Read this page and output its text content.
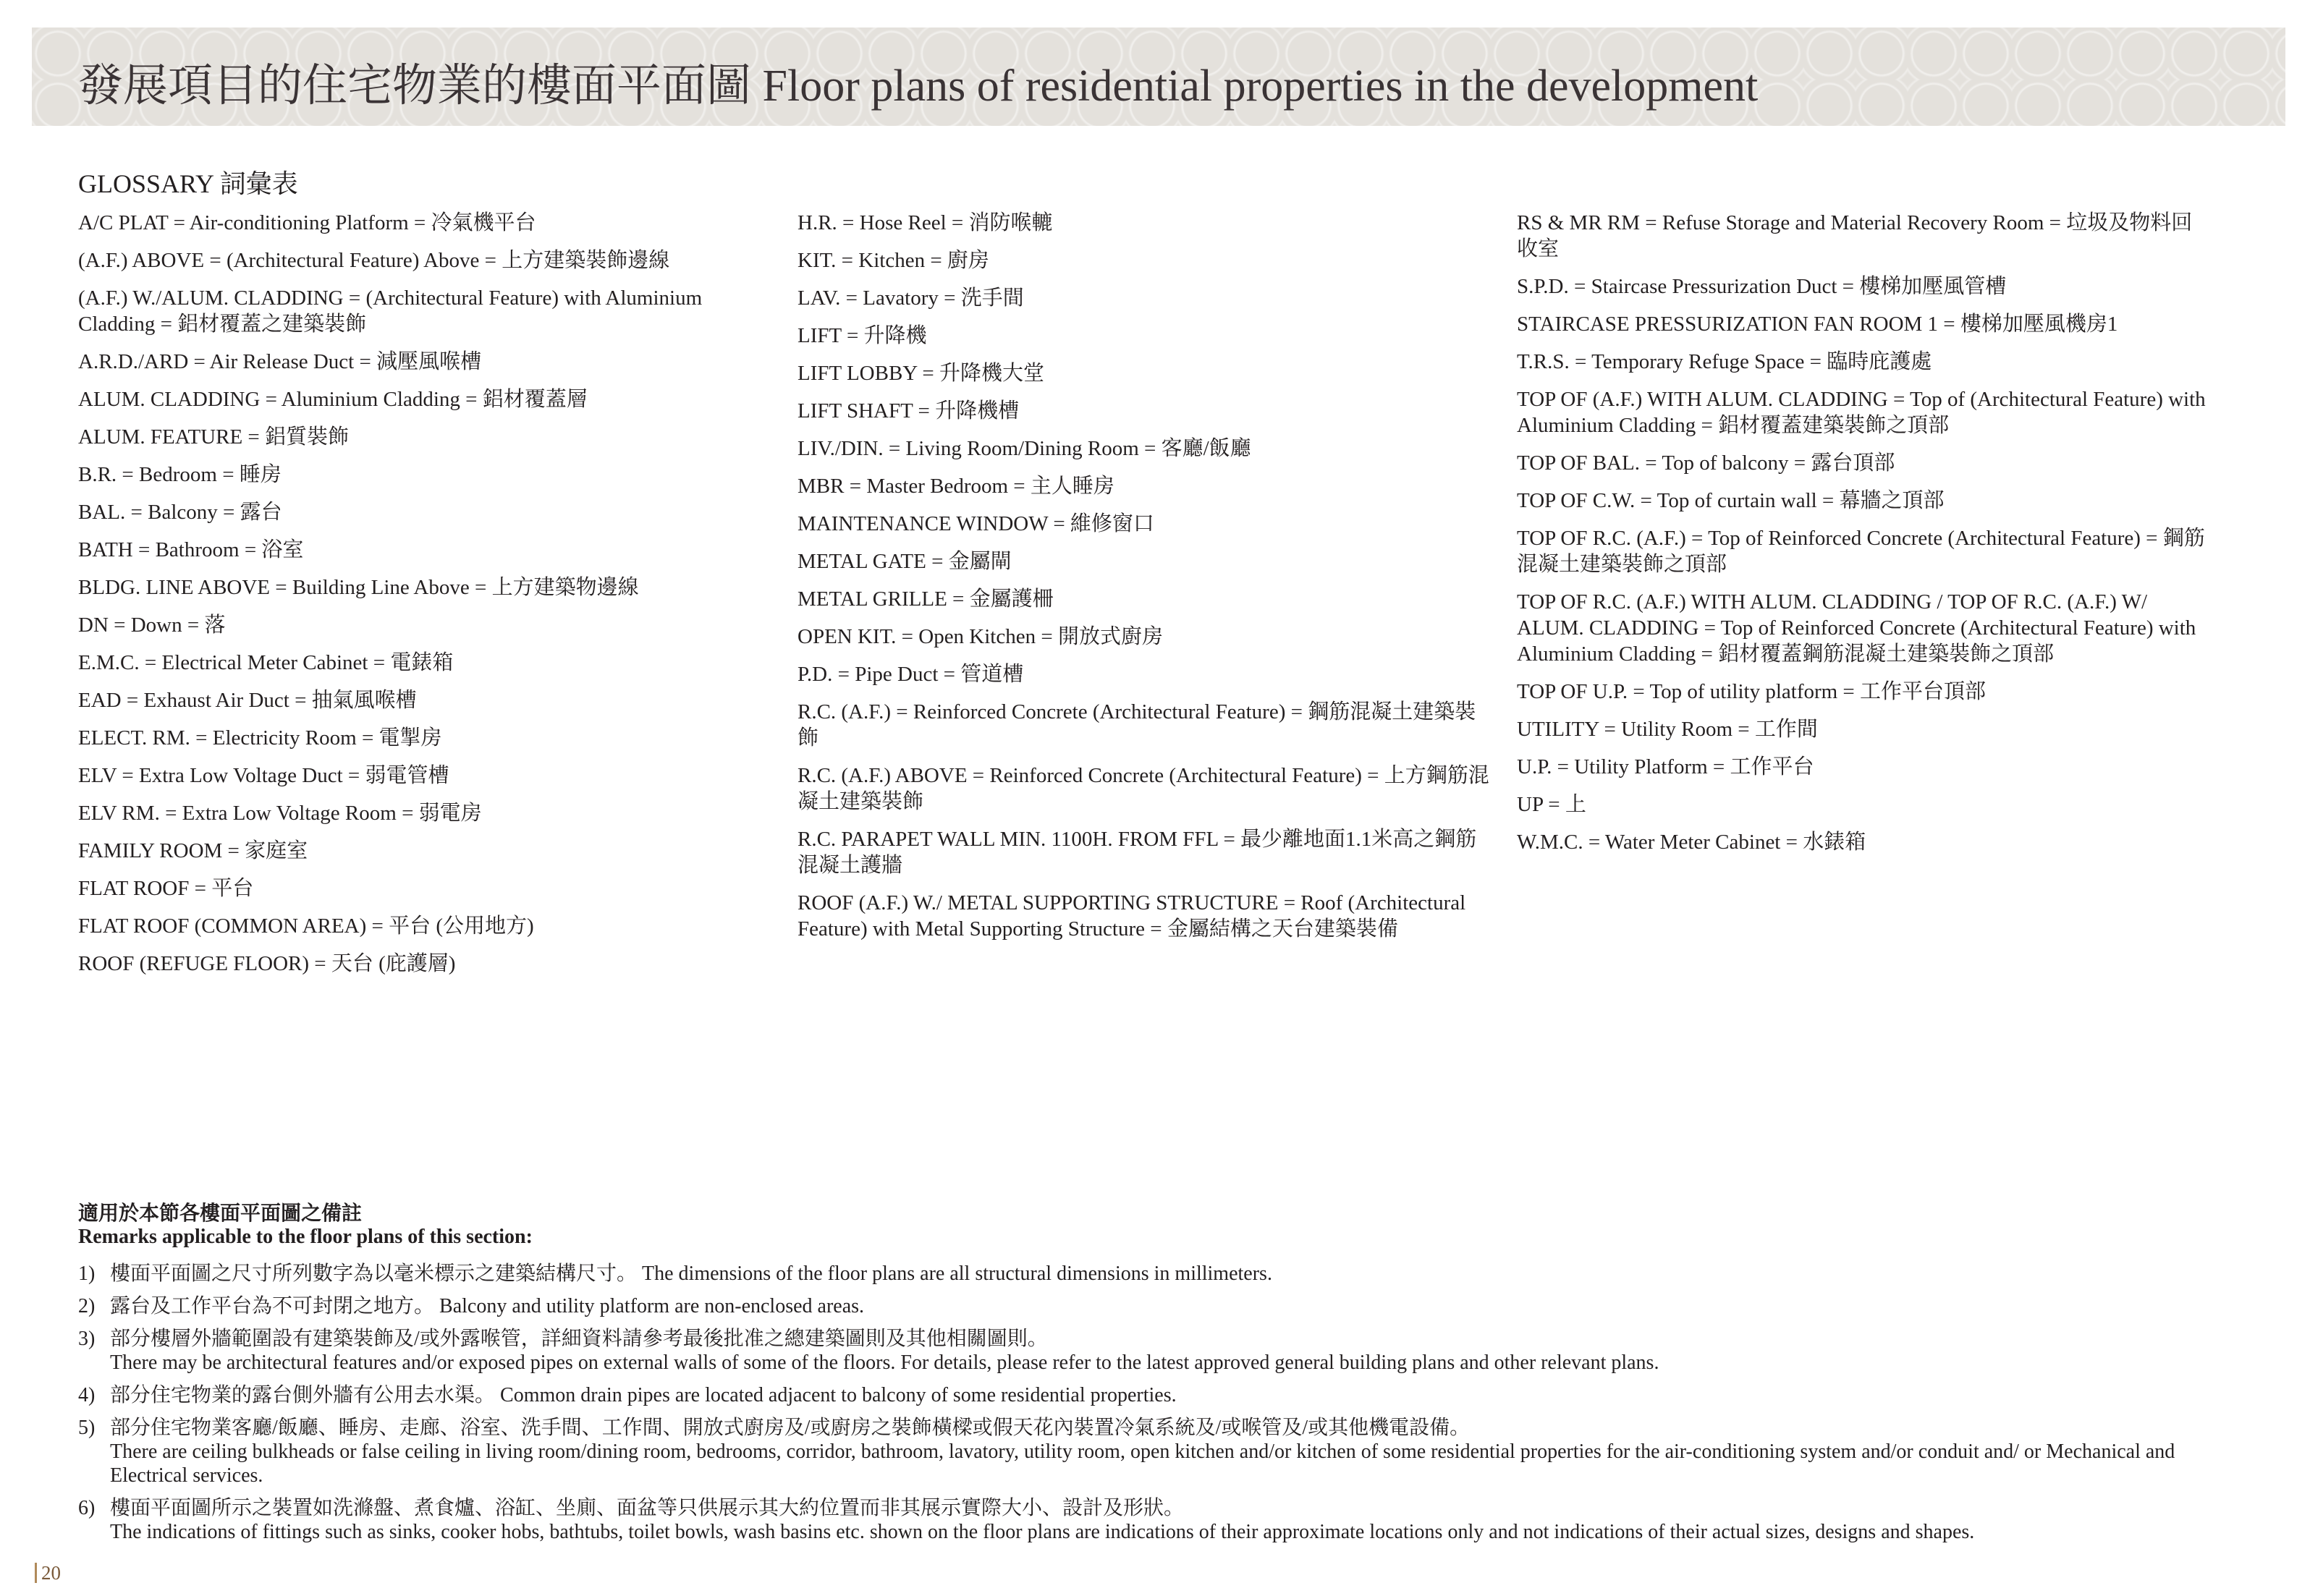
發展項目的住宅物業的樓面平面圖 Floor plans of residential properties in the development
GLOSSARY 詞彙表

A/C PLAT = Air-conditioning Platform = 冷氣機平台

(A.F.) ABOVE = (Architectural Feature) Above = 上方建築裝飾邊線

(A.F.) W./ALUM. CLADDING = (Architectural Feature) with Aluminium Cladding = 鋁材覆蓋之建築裝飾

A.R.D./ARD = Air Release Duct = 減壓風喉槽

ALUM. CLADDING = Aluminium Cladding = 鋁材覆蓋層

ALUM. FEATURE = 鋁質裝飾

B.R. = Bedroom = 睡房

BAL. = Balcony = 露台

BATH = Bathroom = 浴室

BLDG. LINE ABOVE = Building Line Above = 上方建築物邊線

DN = Down = 落

E.M.C. = Electrical Meter Cabinet = 電錶箱

EAD = Exhaust Air Duct = 抽氣風喉槽

ELECT. RM. = Electricity Room = 電掣房

ELV = Extra Low Voltage Duct = 弱電管槽

ELV RM. = Extra Low Voltage Room = 弱電房

FAMILY ROOM = 家庭室

FLAT ROOF = 平台

FLAT ROOF (COMMON AREA) = 平台 (公用地方)

ROOF (REFUGE FLOOR) = 天台 (庇護層)

H.R. = Hose Reel = 消防喉轆

KIT. = Kitchen = 廚房

LAV. = Lavatory = 洗手間

LIFT = 升降機

LIFT LOBBY = 升降機大堂

LIFT SHAFT = 升降機槽

LIV./DIN. = Living Room/Dining Room = 客廳/飯廳

MBR = Master Bedroom = 主人睡房

MAINTENANCE WINDOW = 維修窗口

METAL GATE = 金屬閘

METAL GRILLE = 金屬護柵

OPEN KIT. = Open Kitchen = 開放式廚房

P.D. = Pipe Duct = 管道槽

R.C. (A.F.) = Reinforced Concrete (Architectural Feature) = 鋼筋混凝土建築裝飾

R.C. (A.F.) ABOVE = Reinforced Concrete (Architectural Feature) = 上方鋼筋混凝土建築裝飾

R.C. PARAPET WALL MIN. 1100H. FROM FFL = 最少離地面1.1米高之鋼筋混凝土護牆

ROOF (A.F.) W./ METAL SUPPORTING STRUCTURE = Roof (Architectural Feature) with Metal Supporting Structure = 金屬結構之天台建築裝備

RS & MR RM = Refuse Storage and Material Recovery Room = 垃圾及物料回收室

S.P.D. = Staircase Pressurization Duct = 樓梯加壓風管槽

STAIRCASE PRESSURIZATION FAN ROOM 1 = 樓梯加壓風機房1

T.R.S. = Temporary Refuge Space = 臨時庇護處

TOP OF (A.F.) WITH ALUM. CLADDING = Top of (Architectural Feature) with Aluminium Cladding = 鋁材覆蓋建築裝飾之頂部

TOP OF BAL. = Top of balcony = 露台頂部

TOP OF C.W. = Top of curtain wall = 幕牆之頂部

TOP OF R.C. (A.F.) = Top of Reinforced Concrete (Architectural Feature) = 鋼筋混凝土建築裝飾之頂部

TOP OF R.C. (A.F.) WITH ALUM. CLADDING / TOP OF R.C. (A.F.) W/ ALUM. CLADDING = Top of Reinforced Concrete (Architectural Feature) with Aluminium Cladding = 鋁材覆蓋鋼筋混凝土建築裝飾之頂部

TOP OF U.P. = Top of utility platform = 工作平台頂部

UTILITY = Utility Room = 工作間

U.P. = Utility Platform = 工作平台

UP = 上

W.M.C. = Water Meter Cabinet = 水錶箱

適用於本節各樓面平面圖之備註
Remarks applicable to the floor plans of this section:
1) 樓面平面圖之尺寸所列數字為以毫米標示之建築結構尺寸。 The dimensions of the floor plans are all structural dimensions in millimeters.
2) 露台及工作平台為不可封閉之地方。 Balcony and utility platform are non-enclosed areas.
3) 部分樓層外牆範圍設有建築裝飾及/或外露喉管，詳細資料請參考最後批准之總建築圖則及其他相關圖則。
There may be architectural features and/or exposed pipes on external walls of some of the floors. For details, please refer to the latest approved general building plans and other relevant plans.
4) 部分住宅物業的露台側外牆有公用去水渠。 Common drain pipes are located adjacent to balcony of some residential properties.
5) 部分住宅物業客廳/飯廳、睡房、走廊、浴室、洗手間、工作間、開放式廚房及/或廚房之裝飾橫樑或假天花內裝置冷氣系統及/或喉管及/或其他機電設備。
There are ceiling bulkheads or false ceiling in living room/dining room, bedrooms, corridor, bathroom, lavatory, utility room, open kitchen and/or kitchen of some residential properties for the air-conditioning system and/or conduit and/ or Mechanical and Electrical services.
6) 樓面平面圖所示之裝置如洗滌盤、煮食爐、浴缸、坐廁、面盆等只供展示其大約位置而非其展示實際大小、設計及形狀。
The indications of fittings such as sinks, cooker hobs, bathtubs, toilet bowls, wash basins etc. shown on the floor plans are indications of their approximate locations only and not indications of their actual sizes, designs and shapes.
20
